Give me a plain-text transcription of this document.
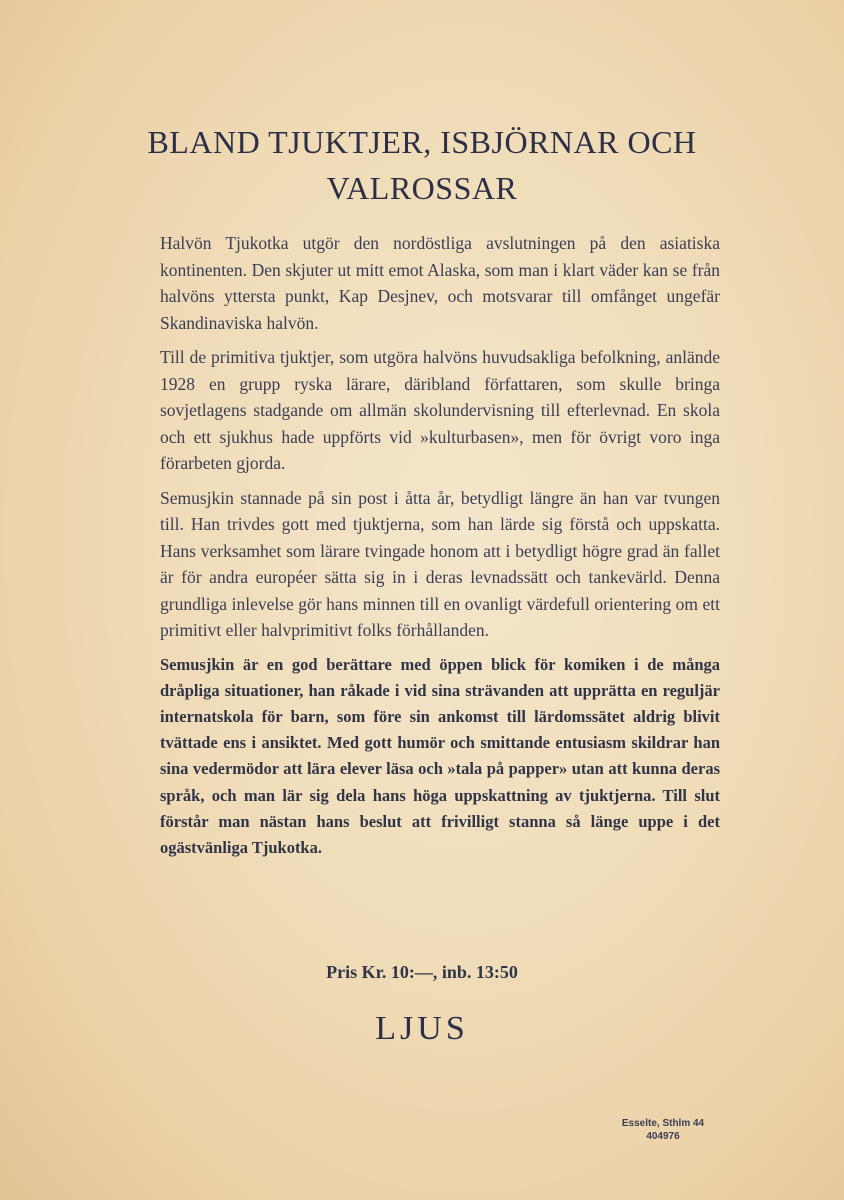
BLAND TJUKTJER, ISBJÖRNAR OCH
VALROSSAR

Halvön Tjukotka utgör den nordöstliga avslutningen på den asiatiska kontinenten. Den skjuter ut mitt emot Alaska, som man i klart väder kan se från halvöns yttersta punkt, Kap Desjnev, och motsvarar till omfånget ungefär Skandinaviska halvön.

Till de primitiva tjuktjer, som utgöra halvöns huvudsakliga befolkning, anlände 1928 en grupp ryska lärare, däribland författaren, som skulle bringa sovjetlagens stadgande om allmän skolundervisning till efterlevnad. En skola och ett sjukhus hade uppförts vid »kulturbasen», men för övrigt voro inga förarbeten gjorda.

Semusjkin stannade på sin post i åtta år, betydligt längre än han var tvungen till. Han trivdes gott med tjuktjerna, som han lärde sig förstå och uppskatta. Hans verksamhet som lärare tvingade honom att i betydligt högre grad än fallet är för andra européer sätta sig in i deras levnadssätt och tankevärld. Denna grundliga inlevelse gör hans minnen till en ovanligt värdefull orientering om ett primitivt eller halvprimitivt folks förhållanden.

Semusjkin är en god berättare med öppen blick för komiken i de många dråpliga situationer, han råkade i vid sina strävanden att upprätta en reguljär internatskola för barn, som före sin ankomst till lärdomssätet aldrig blivit tvättade ens i ansiktet. Med gott humör och smittande entusiasm skildrar han sina vedermödor att lära elever läsa och »tala på papper» utan att kunna deras språk, och man lär sig dela hans höga uppskattning av tjuktjerna. Till slut förstår man nästan hans beslut att frivilligt stanna så länge uppe i det ogästvänliga Tjukotka.

Pris Kr. 10:—, inb. 13:50
LJUS
Esselte, Sthlm 44
404976
